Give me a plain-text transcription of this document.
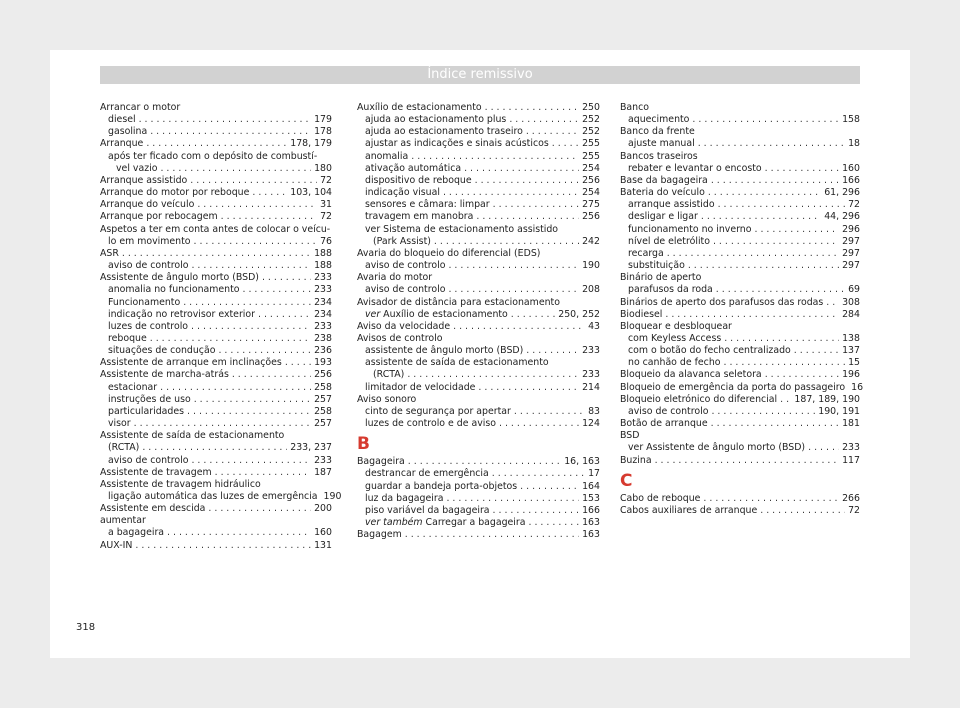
Índice remissivo
Arrancar o motor
diesel . . .	179
gasolina . . .	178
Arranque . . .	178, 179
após ter ficado com o depósito de combustí-
vel vazio . . .	180
Arranque assistido . . .	72
Arranque do motor por reboque . . .	103, 104
Arranque do veículo . . .	31
Arranque por rebocagem . . .	72
Aspetos a ter em conta antes de colocar o veícu-
lo em movimento . . .	76
ASR . . .	188
aviso de controlo . . .	188
Assistente de ângulo morto (BSD) . . .	233
anomalia no funcionamento . . .	233
Funcionamento . . .	234
indicação no retrovisor exterior . . .	234
luzes de controlo . . .	233
reboque . . .	238
situações de condução . . .	236
Assistente de arranque em inclinações . . .	193
Assistente de marcha-atrás . . .	256
estacionar . . .	258
instruções de uso . . .	257
particularidades . . .	258
visor . . .	257
Assistente de saída de estacionamento
(RCTA) . . .	233, 237
aviso de controlo . . .	233
Assistente de travagem . . .	187
Assistente de travagem hidráulico
ligação automática das luzes de emergência 190
Assistente em descida . . .	200
aumentar
a bagageira . . .	160
AUX-IN . . .	131
Auxílio de estacionamento . . .	250
ajuda ao estacionamento plus . . .	252
ajuda ao estacionamento traseiro . . .	252
ajustar as indicações e sinais acústicos . . .	255
anomalia . . .	255
ativação automática . . .	254
dispositivo de reboque . . .	256
indicação visual . . .	254
sensores e câmara: limpar . . .	275
travagem em manobra . . .	256
ver Sistema de estacionamento assistido
(Park Assist) . . .	242
Avaria do bloqueio do diferencial (EDS)
aviso de controlo . . .	190
Avaria do motor
aviso de controlo . . .	208
Avisador de distância para estacionamento
ver Auxílio de estacionamento . . .	250, 252
Aviso da velocidade . . .	43
Avisos de controlo
assistente de ângulo morto (BSD) . . .	233
assistente de saída de estacionamento
(RCTA) . . .	233
limitador de velocidade . . .	214
Aviso sonoro
cinto de segurança por apertar . . .	83
luzes de controlo e de aviso . . .	124
B
Bagageira . . .	16, 163
destrancar de emergência . . .	17
guardar a bandeja porta-objetos . . .	164
luz da bagageira . . .	153
piso variável da bagageira . . .	166
ver também Carregar a bagageira . . .	163
Bagagem . . .	163
Banco
aquecimento . . .	158
Banco da frente
ajuste manual . . .	18
Bancos traseiros
rebater e levantar o encosto . . .	160
Base da bagageira . . .	166
Bateria do veículo . . .	61, 296
arranque assistido . . .	72
desligar e ligar . . .	44, 296
funcionamento no inverno . . .	296
nível de eletrólito . . .	297
recarga . . .	297
substituição . . .	297
Binário de aperto
parafusos da roda . . .	69
Binários de aperto dos parafusos das rodas . . . 308
Biodiesel . . .	284
Bloquear e desbloquear
com Keyless Access . . .	138
com o botão do fecho centralizado . . .	137
no canhão de fecho . . .	15
Bloqueio da alavanca seletora . . .	196
Bloqueio de emergência da porta do passageiro 16
Bloqueio eletrónico do diferencial . . . 187, 189, 190
aviso de controlo . . .	190, 191
Botão de arranque . . .	181
BSD
ver Assistente de ângulo morto (BSD) . . .	233
Buzina . . .	117
C
Cabo de reboque . . .	266
Cabos auxiliares de arranque . . .	72
318
